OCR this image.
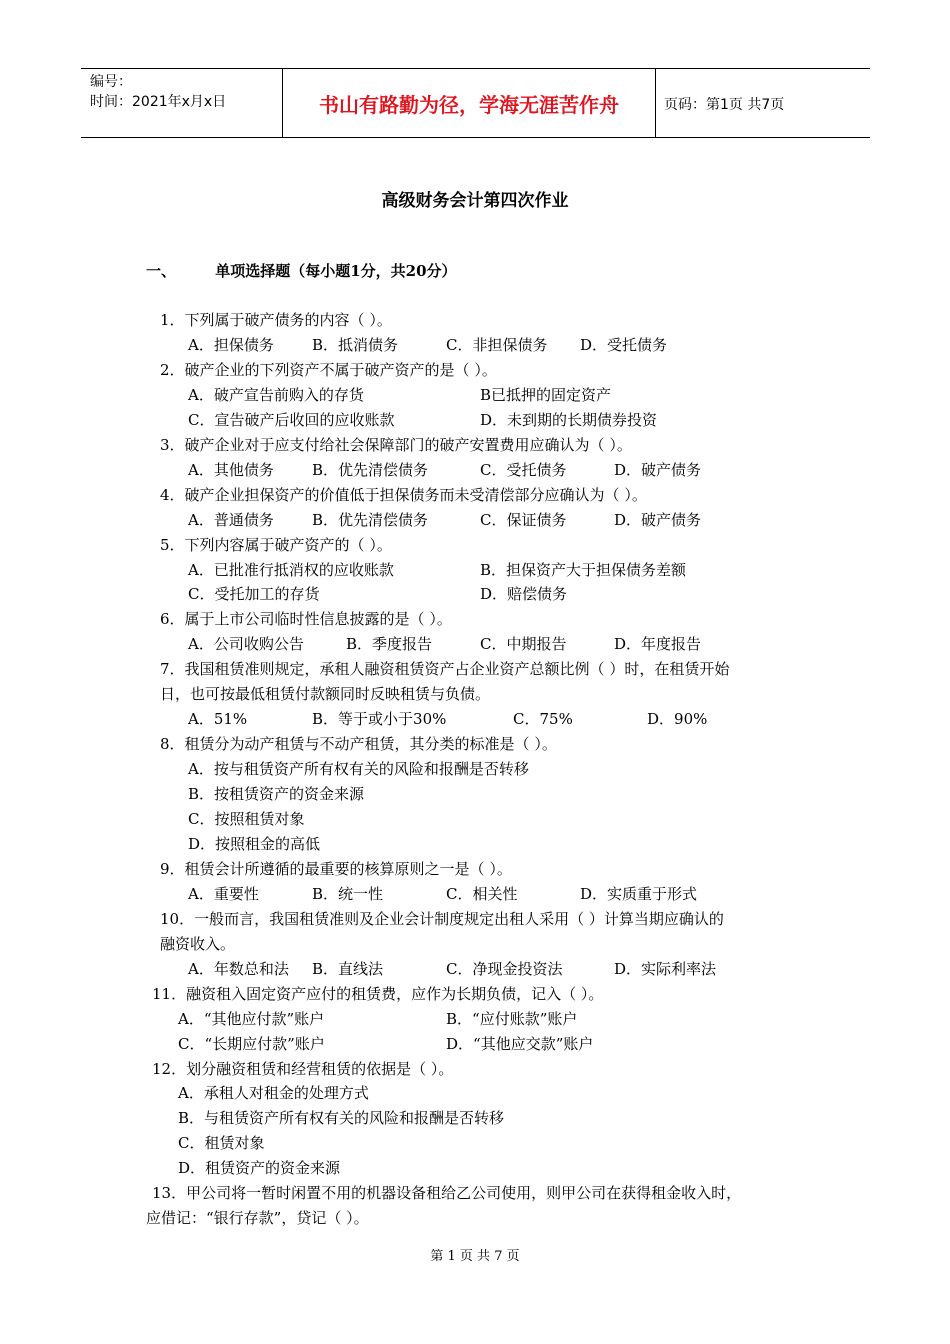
编号：
时间：2021年x月x日	书山有路勤为径，学海无涯苦作舟	页码：第1页 共7页
高级财务会计第四次作业
一、	单项选择题（每小题1分，共20分）
1．下列属于破产债务的内容（ ）。
A．担保债务	B．抵消债务	C．非担保债务 D．受托债务
2．破产企业的下列资产不属于破产资产的是（ ）。
A．破产宣告前购入的存货	B已抵押的固定资产
C．宣告破产后收回的应收账款	D．未到期的长期债券投资
3．破产企业对于应支付给社会保障部门的破产安置费用应确认为（ ）。
A．其他债务	B．优先清偿债务	C．受托债务	D．破产债务
4．破产企业担保资产的价值低于担保债务而未受清偿部分应确认为（ ）。
A．普通债务	B．优先清偿债务	C．保证债务	D．破产债务
5．下列内容属于破产资产的（ ）。
A．已批准行抵消权的应收账款	B．担保资产大于担保债务差额
C．受托加工的存货	D．赔偿债务
6．属于上市公司临时性信息披露的是（ ）。
A．公司收购公告	B．季度报告	C．中期报告	D．年度报告
7．我国租赁准则规定，承租人融资租赁资产占企业资产总额比例（ ）时，在租赁开始
日，也可按最低租赁付款额同时反映租赁与负债。
A．51%	B．等于或小于30%	C．75%	D．90%
8．租赁分为动产租赁与不动产租赁，其分类的标准是（ ）。
A．按与租赁资产所有权有关的风险和报酬是否转移
B．按租赁资产的资金来源
C．按照租赁对象
D．按照租金的高低
9．租赁会计所遵循的最重要的核算原则之一是（ ）。
A．重要性	B．统一性	C．相关性	D．实质重于形式
10．一般而言，我国租赁准则及企业会计制度规定出租人采用（ ）计算当期应确认的
融资收入。
A．年数总和法 B．直线法	C．净现金投资法	D．实际利率法
11．融资租入固定资产应付的租赁费，应作为长期负债，记入（ ）。
A．“其他应付款”账户	B．“应付账款”账户
C．“长期应付款”账户	D．“其他应交款”账户
12．划分融资租赁和经营租赁的依据是（ ）。
A．承租人对租金的处理方式
B．与租赁资产所有权有关的风险和报酬是否转移
C．租赁对象
D．租赁资产的资金来源
13．甲公司将一暂时闲置不用的机器设备租给乙公司使用，则甲公司在获得租金收入时，
应借记：“银行存款”，贷记（ ）。
第 1 页 共 7 页
